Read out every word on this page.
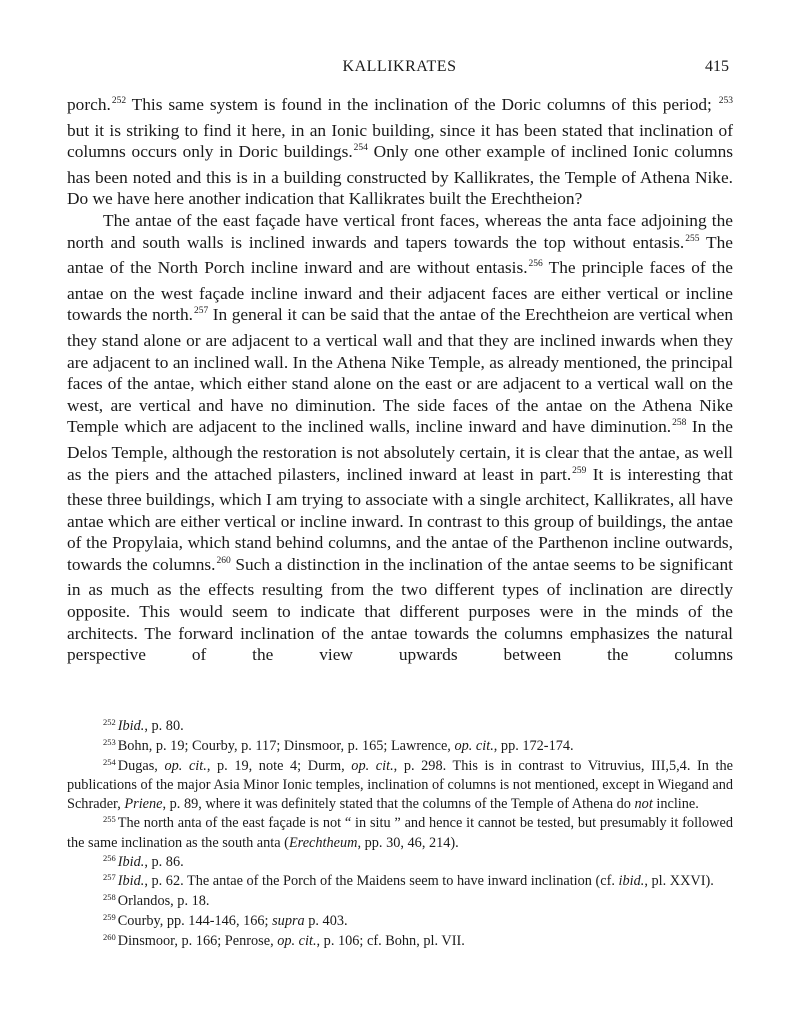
KALLIKRATES	415

porch.$^{252}$ This same system is found in the inclination of the Doric columns of this period; $^{253}$ but it is striking to find it here, in an Ionic building, since it has been stated that inclination of columns occurs only in Doric buildings.$^{254}$ Only one other example of inclined Ionic columns has been noted and this is in a building constructed by Kallikrates, the Temple of Athena Nike. Do we have here another indication that Kallikrates built the Erechtheion?

The antae of the east façade have vertical front faces, whereas the anta face adjoining the north and south walls is inclined inwards and tapers towards the top without entasis.$^{255}$ The antae of the North Porch incline inward and are without entasis.$^{256}$ The principle faces of the antae on the west façade incline inward and their adjacent faces are either vertical or incline towards the north.$^{257}$ In general it can be said that the antae of the Erechtheion are vertical when they stand alone or are adjacent to a vertical wall and that they are inclined inwards when they are adjacent to an inclined wall. In the Athena Nike Temple, as already mentioned, the principal faces of the antae, which either stand alone on the east or are adjacent to a vertical wall on the west, are vertical and have no diminution. The side faces of the antae on the Athena Nike Temple which are adjacent to the inclined walls, incline inward and have diminution.$^{258}$ In the Delos Temple, although the restoration is not absolutely certain, it is clear that the antae, as well as the piers and the attached pilasters, inclined inward at least in part.$^{259}$ It is interesting that these three buildings, which I am trying to associate with a single architect, Kallikrates, all have antae which are either vertical or incline inward. In contrast to this group of buildings, the antae of the Propylaia, which stand behind columns, and the antae of the Parthenon incline outwards, towards the columns.$^{260}$ Such a distinction in the inclination of the antae seems to be significant in as much as the effects resulting from the two different types of inclination are directly opposite. This would seem to indicate that different purposes were in the minds of the architects. The forward inclination of the antae towards the columns emphasizes the natural perspective of the view upwards between the columns

$^{252}$ Ibid., p. 80.
$^{253}$ Bohn, p. 19; Courby, p. 117; Dinsmoor, p. 165; Lawrence, op. cit., pp. 172-174.
$^{254}$ Dugas, op. cit., p. 19, note 4; Durm, op. cit., p. 298. This is in contrast to Vitruvius, III,5,4. In the publications of the major Asia Minor Ionic temples, inclination of columns is not mentioned, except in Wiegand and Schrader, Priene, p. 89, where it was definitely stated that the columns of the Temple of Athena do not incline.
$^{255}$ The north anta of the east façade is not “ in situ ” and hence it cannot be tested, but presumably it followed the same inclination as the south anta (Erechtheum, pp. 30, 46, 214).
$^{256}$ Ibid., p. 86.
$^{257}$ Ibid., p. 62. The antae of the Porch of the Maidens seem to have inward inclination (cf. ibid., pl. XXVI).
$^{258}$ Orlandos, p. 18.
$^{259}$ Courby, pp. 144-146, 166; supra p. 403.
$^{260}$ Dinsmoor, p. 166; Penrose, op. cit., p. 106; cf. Bohn, pl. VII.
